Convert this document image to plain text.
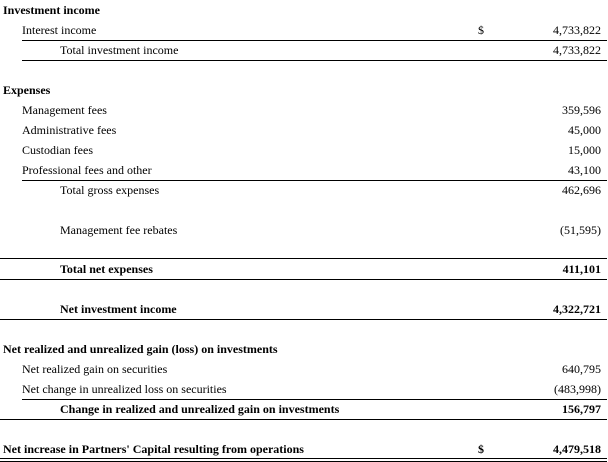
Investment income
Interest income	$	4,733,822
Total investment income	4,733,822
Expenses
Management fees	359,596
Administrative fees	45,000
Custodian fees	15,000
Professional fees and other	43,100
Total gross expenses	462,696
Management fee rebates	(51,595)
Total net expenses	411,101
Net investment income	4,322,721
Net realized and unrealized gain (loss) on investments
Net realized gain on securities	640,795
Net change in unrealized loss on securities	(483,998)
Change in realized and unrealized gain on investments	156,797
Net increase in Partners' Capital resulting from operations	$	4,479,518
